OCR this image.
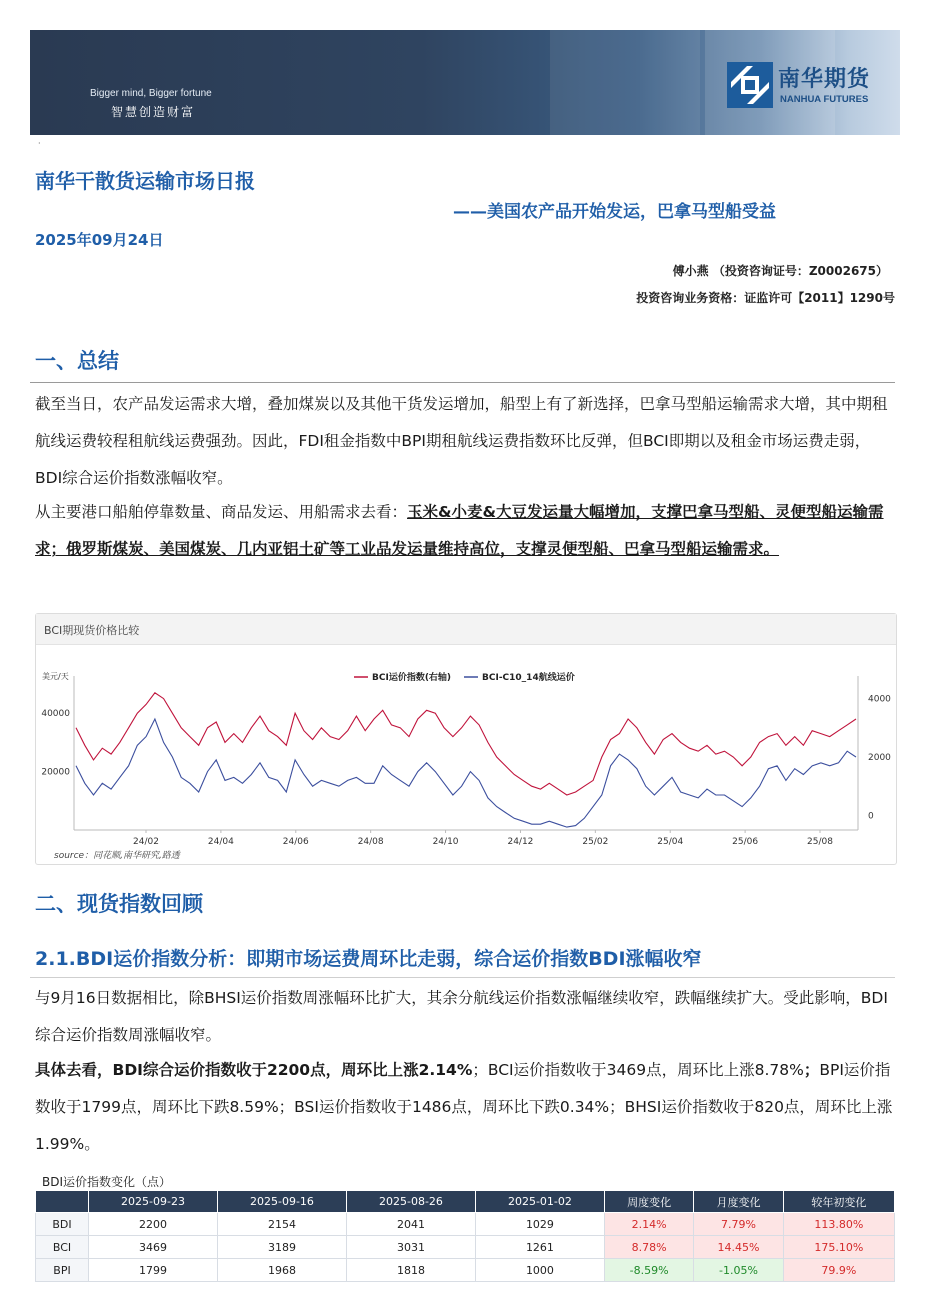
Bigger mind, Bigger fortune
智慧创造财富
南华期货
NANHUA FUTURES
·
南华干散货运输市场日报
——美国农产品开始发运，巴拿马型船受益
2025年09月24日
傅小燕 （投资咨询证号：Z0002675）
投资咨询业务资格：证监许可【2011】1290号
一、总结
截至当日，农产品发运需求大增，叠加煤炭以及其他干货发运增加，船型上有了新选择，巴拿马型船运输需求大增，其中期租航线运费较程租航线运费强劲。因此，FDI租金指数中BPI期租航线运费指数环比反弹，但BCI即期以及租金市场运费走弱，BDI综合运价指数涨幅收窄。
从主要港口船舶停靠数量、商品发运、用船需求去看：玉米&小麦&大豆发运量大幅增加，支撑巴拿马型船、灵便型船运输需求；俄罗斯煤炭、美国煤炭、几内亚铝土矿等工业品发运量维持高位，支撑灵便型船、巴拿马型船运输需求。
BCI期现货价格比较
美元/天
20000
40000
0
2000
4000
24/02	24/04	24/06	24/08	24/10	24/12	25/02	25/04	25/06	25/08
BCI运价指数(右轴)	BCI-C10_14航线运价
source：同花顺,南华研究,路透
二、现货指数回顾
2.1.BDI运价指数分析：即期市场运费周环比走弱，综合运价指数BDI涨幅收窄
与9月16日数据相比，除BHSI运价指数周涨幅环比扩大，其余分航线运价指数涨幅继续收窄，跌幅继续扩大。受此影响，BDI综合运价指数周涨幅收窄。
具体去看，BDI综合运价指数收于2200点，周环比上涨2.14%；BCI运价指数收于3469点，周环比上涨8.78%；BPI运价指数收于1799点，周环比下跌8.59%；BSI运价指数收于1486点，周环比下跌0.34%；BHSI运价指数收于820点，周环比上涨1.99%。
BDI运价指数变化（点）
	2025-09-23	2025-09-16	2025-08-26	2025-01-02	周度变化	月度变化	较年初变化
BDI	2200	2154	2041	1029	2.14%	7.79%	113.80%
BCI	3469	3189	3031	1261	8.78%	14.45%	175.10%
BPI	1799	1968	1818	1000	-8.59%	-1.05%	79.9%
